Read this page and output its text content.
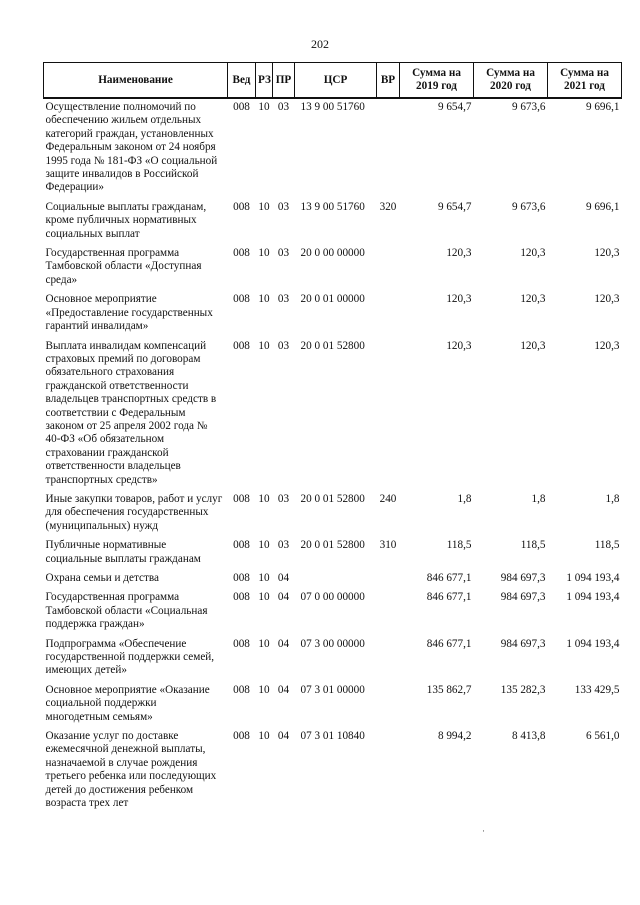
202
Наименование	Вед	РЗ	ПР	ЦСР	ВР	Сумма на 2019 год	Сумма на 2020 год	Сумма на 2021 год
Осуществление полномочий по обеспечению жильем отдельных категорий граждан, установленных Федеральным законом от 24 ноября 1995 года № 181-ФЗ «О социальной защите инвалидов в Российской Федерации»	008	10	03	13 9 00 51760		9 654,7	9 673,6	9 696,1
Социальные выплаты гражданам, кроме публичных нормативных социальных выплат	008	10	03	13 9 00 51760	320	9 654,7	9 673,6	9 696,1
Государственная программа Тамбовской области «Доступная среда»	008	10	03	20 0 00 00000		120,3	120,3	120,3
Основное мероприятие «Предоставление государственных гарантий инвалидам»	008	10	03	20 0 01 00000		120,3	120,3	120,3
Выплата инвалидам компенсаций страховых премий по договорам обязательного страхования гражданской ответственности владельцев транспортных средств в соответствии с Федеральным законом от 25 апреля 2002 года № 40-ФЗ «Об обязательном страховании гражданской ответственности владельцев транспортных средств»	008	10	03	20 0 01 52800		120,3	120,3	120,3
Иные закупки товаров, работ и услуг для обеспечения государственных (муниципальных) нужд	008	10	03	20 0 01 52800	240	1,8	1,8	1,8
Публичные нормативные социальные выплаты гражданам	008	10	03	20 0 01 52800	310	118,5	118,5	118,5
Охрана семьи и детства	008	10	04			846 677,1	984 697,3	1 094 193,4
Государственная программа Тамбовской области «Социальная поддержка граждан»	008	10	04	07 0 00 00000		846 677,1	984 697,3	1 094 193,4
Подпрограмма «Обеспечение государственной поддержки семей, имеющих детей»	008	10	04	07 3 00 00000		846 677,1	984 697,3	1 094 193,4
Основное мероприятие «Оказание социальной поддержки многодетным семьям»	008	10	04	07 3 01 00000		135 862,7	135 282,3	133 429,5
Оказание услуг по доставке ежемесячной денежной выплаты, назначаемой в случае рождения третьего ребенка или последующих детей до достижения ребенком возраста трех лет	008	10	04	07 3 01 10840		8 994,2	8 413,8	6 561,0
·
